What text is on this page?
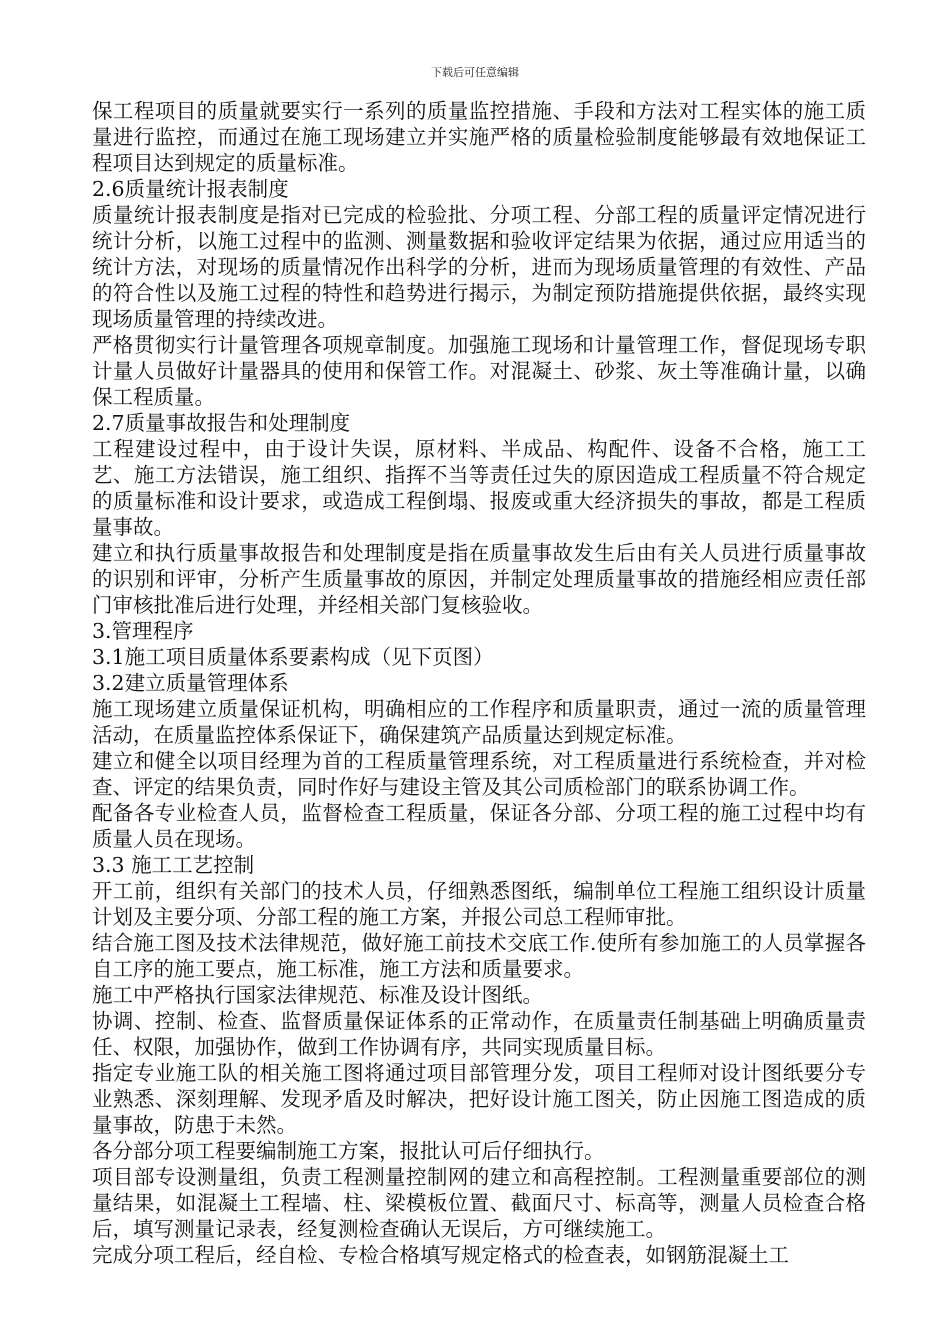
下载后可任意编辑

保工程项目的质量就要实行一系列的质量监控措施、手段和方法对工程实体的施工质量进行监控，而通过在施工现场建立并实施严格的质量检验制度能够最有效地保证工程项目达到规定的质量标准。

2.6质量统计报表制度

质量统计报表制度是指对已完成的检验批、分项工程、分部工程的质量评定情况进行统计分析，以施工过程中的监测、测量数据和验收评定结果为依据，通过应用适当的统计方法，对现场的质量情况作出科学的分析，进而为现场质量管理的有效性、产品的符合性以及施工过程的特性和趋势进行揭示，为制定预防措施提供依据，最终实现现场质量管理的持续改进。

严格贯彻实行计量管理各项规章制度。加强施工现场和计量管理工作，督促现场专职计量人员做好计量器具的使用和保管工作。对混凝土、砂浆、灰土等准确计量，以确保工程质量。

2.7质量事故报告和处理制度

工程建设过程中，由于设计失误，原材料、半成品、构配件、设备不合格，施工工艺、施工方法错误，施工组织、指挥不当等责任过失的原因造成工程质量不符合规定的质量标准和设计要求，或造成工程倒塌、报废或重大经济损失的事故，都是工程质量事故。

建立和执行质量事故报告和处理制度是指在质量事故发生后由有关人员进行质量事故的识别和评审，分析产生质量事故的原因，并制定处理质量事故的措施经相应责任部门审核批准后进行处理，并经相关部门复核验收。

3.管理程序

3.1施工项目质量体系要素构成（见下页图）

3.2建立质量管理体系

施工现场建立质量保证机构，明确相应的工作程序和质量职责，通过一流的质量管理活动，在质量监控体系保证下，确保建筑产品质量达到规定标准。

建立和健全以项目经理为首的工程质量管理系统，对工程质量进行系统检查，并对检查、评定的结果负责，同时作好与建设主管及其公司质检部门的联系协调工作。

配备各专业检查人员，监督检查工程质量，保证各分部、分项工程的施工过程中均有质量人员在现场。

3.3 施工工艺控制

开工前，组织有关部门的技术人员，仔细熟悉图纸，编制单位工程施工组织设计质量计划及主要分项、分部工程的施工方案，并报公司总工程师审批。

结合施工图及技术法律规范，做好施工前技术交底工作.使所有参加施工的人员掌握各自工序的施工要点，施工标准，施工方法和质量要求。

施工中严格执行国家法律规范、标准及设计图纸。

协调、控制、检查、监督质量保证体系的正常动作，在质量责任制基础上明确质量责任、权限，加强协作，做到工作协调有序，共同实现质量目标。

指定专业施工队的相关施工图将通过项目部管理分发，项目工程师对设计图纸要分专业熟悉、深刻理解、发现矛盾及时解决，把好设计施工图关，防止因施工图造成的质量事故，防患于未然。

各分部分项工程要编制施工方案，报批认可后仔细执行。

项目部专设测量组，负责工程测量控制网的建立和高程控制。工程测量重要部位的测量结果，如混凝土工程墙、柱、梁模板位置、截面尺寸、标高等，测量人员检查合格后，填写测量记录表，经复测检查确认无误后，方可继续施工。

完成分项工程后，经自检、专检合格填写规定格式的检查表，如钢筋混凝土工
